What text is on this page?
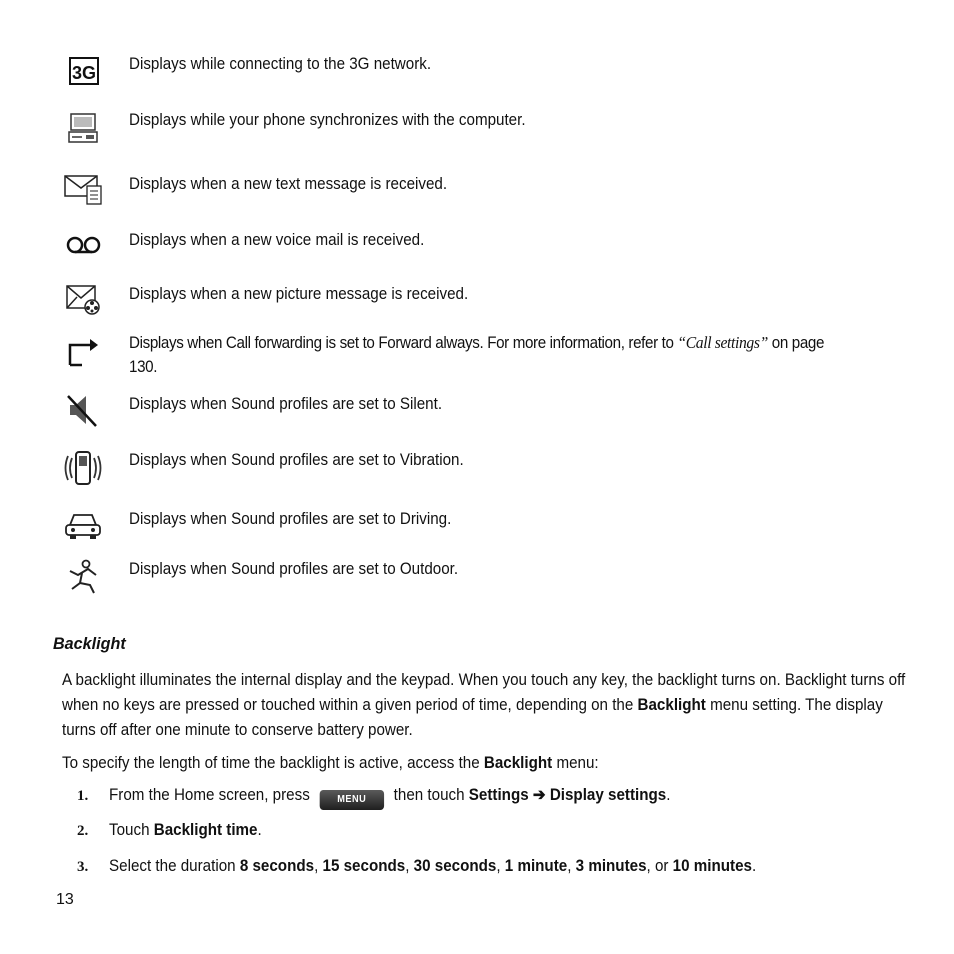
3G Displays while connecting to the 3G network.
Displays while your phone synchronizes with the computer.
Displays when a new text message is received.
Displays when a new voice mail is received.
Displays when a new picture message is received.
Displays when Call forwarding is set to Forward always. For more information, refer to “Call settings” on page 130.
Displays when Sound profiles are set to Silent.
Displays when Sound profiles are set to Vibration.
Displays when Sound profiles are set to Driving.
Displays when Sound profiles are set to Outdoor.
Backlight
A backlight illuminates the internal display and the keypad. When you touch any key, the backlight turns on. Backlight turns off when no keys are pressed or touched within a given period of time, depending on the Backlight menu setting. The display turns off after one minute to conserve battery power.
To specify the length of time the backlight is active, access the Backlight menu:
1. From the Home screen, press MENU then touch Settings ➔ Display settings.
2. Touch Backlight time.
3. Select the duration 8 seconds, 15 seconds, 30 seconds, 1 minute, 3 minutes, or 10 minutes.
13
